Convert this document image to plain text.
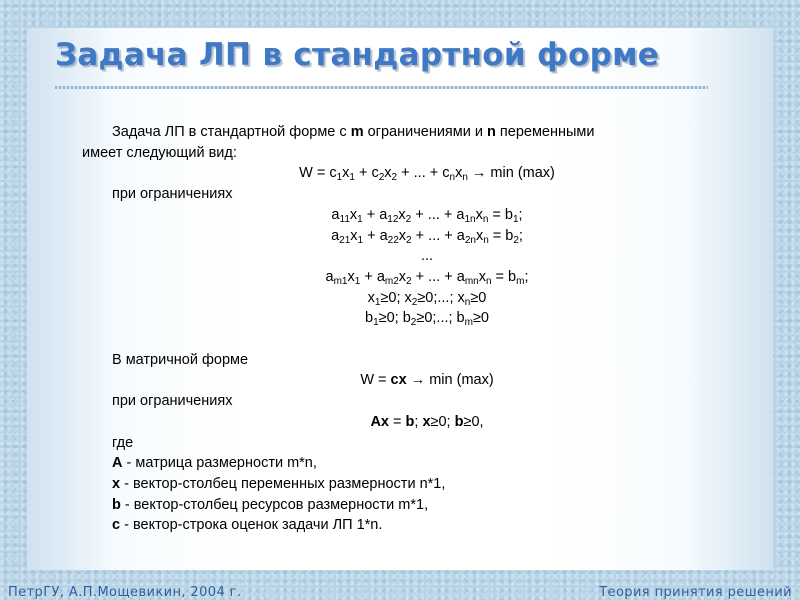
Задача ЛП в стандартной форме

Задача ЛП в стандартной форме с m ограничениями и n переменными

имеет следующий вид:

$W = c_1x_1 + c_2x_2$ + ... + $c_nx_n \to \min (\max)$

при ограничениях

$a_{11}x_1 + a_{12}x_2$ + ... + $a_{1n}x_n = b_1$;

$a_{21}x_1 + a_{22}x_2$ + ... + $a_{2n}x_n = b_2$;

...

$a_{m1}x_1 + a_{m2}x_2$ + ... + $a_{mn}x_n = b_m$;

$x_1\ge 0$; $x_2\ge 0$;...; $x_n\ge 0$

$b_1\ge 0$; $b_2\ge 0$;...; $b_m\ge 0$

В матричной форме

W = cx → min (max)

при ограничениях

Ax = b; x≥0; b≥0,

где

A - матрица размерности m*n,

x - вектор-столбец переменных размерности n*1,

b - вектор-столбец ресурсов размерности m*1,

c - вектор-строка оценок задачи ЛП 1*n.

ПетрГУ, А.П.Мощевикин, 2004 г.	Теория принятия решений
